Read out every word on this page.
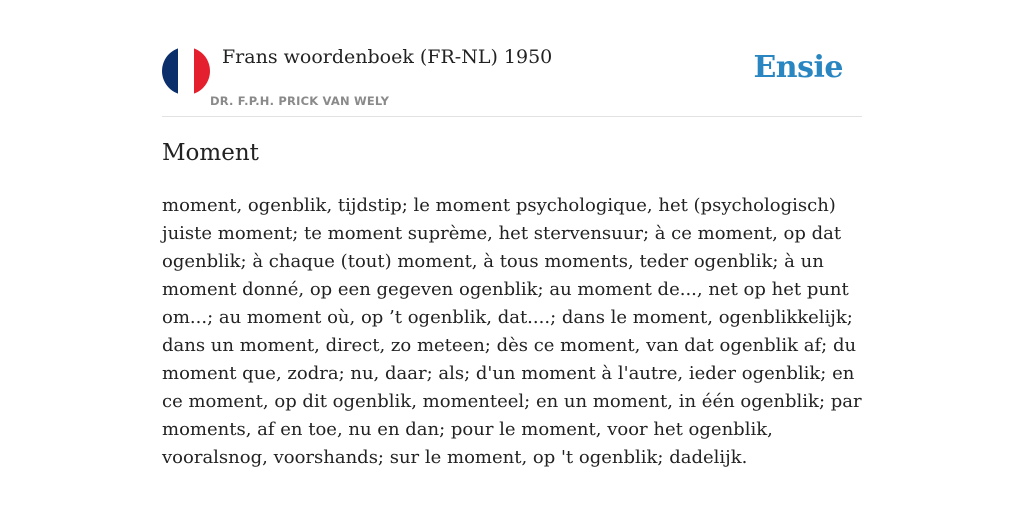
Frans woordenboek (FR-NL) 1950
DR. F.P.H. PRICK VAN WELY
Ensie
Moment

moment, ogenblik, tijdstip; le moment psychologique, het (psychologisch) juiste moment; te moment suprème, het stervensuur; à ce moment, op dat ogenblik; à chaque (tout) moment, à tous moments, teder ogenblik; à un moment donné, op een gegeven ogenblik; au moment de..., net op het punt om...; au moment où, op ’t ogenblik, dat....; dans le moment, ogenblikkelijk; dans un moment, direct, zo meteen; dès ce moment, van dat ogenblik af; du moment que, zodra; nu, daar; als; d'un moment à l'autre, ieder ogenblik; en ce moment, op dit ogenblik, momenteel; en un moment, in één ogenblik; par moments, af en toe, nu en dan; pour le moment, voor het ogenblik, vooralsnog, voorshands; sur le moment, op 't ogenblik; dadelijk.
